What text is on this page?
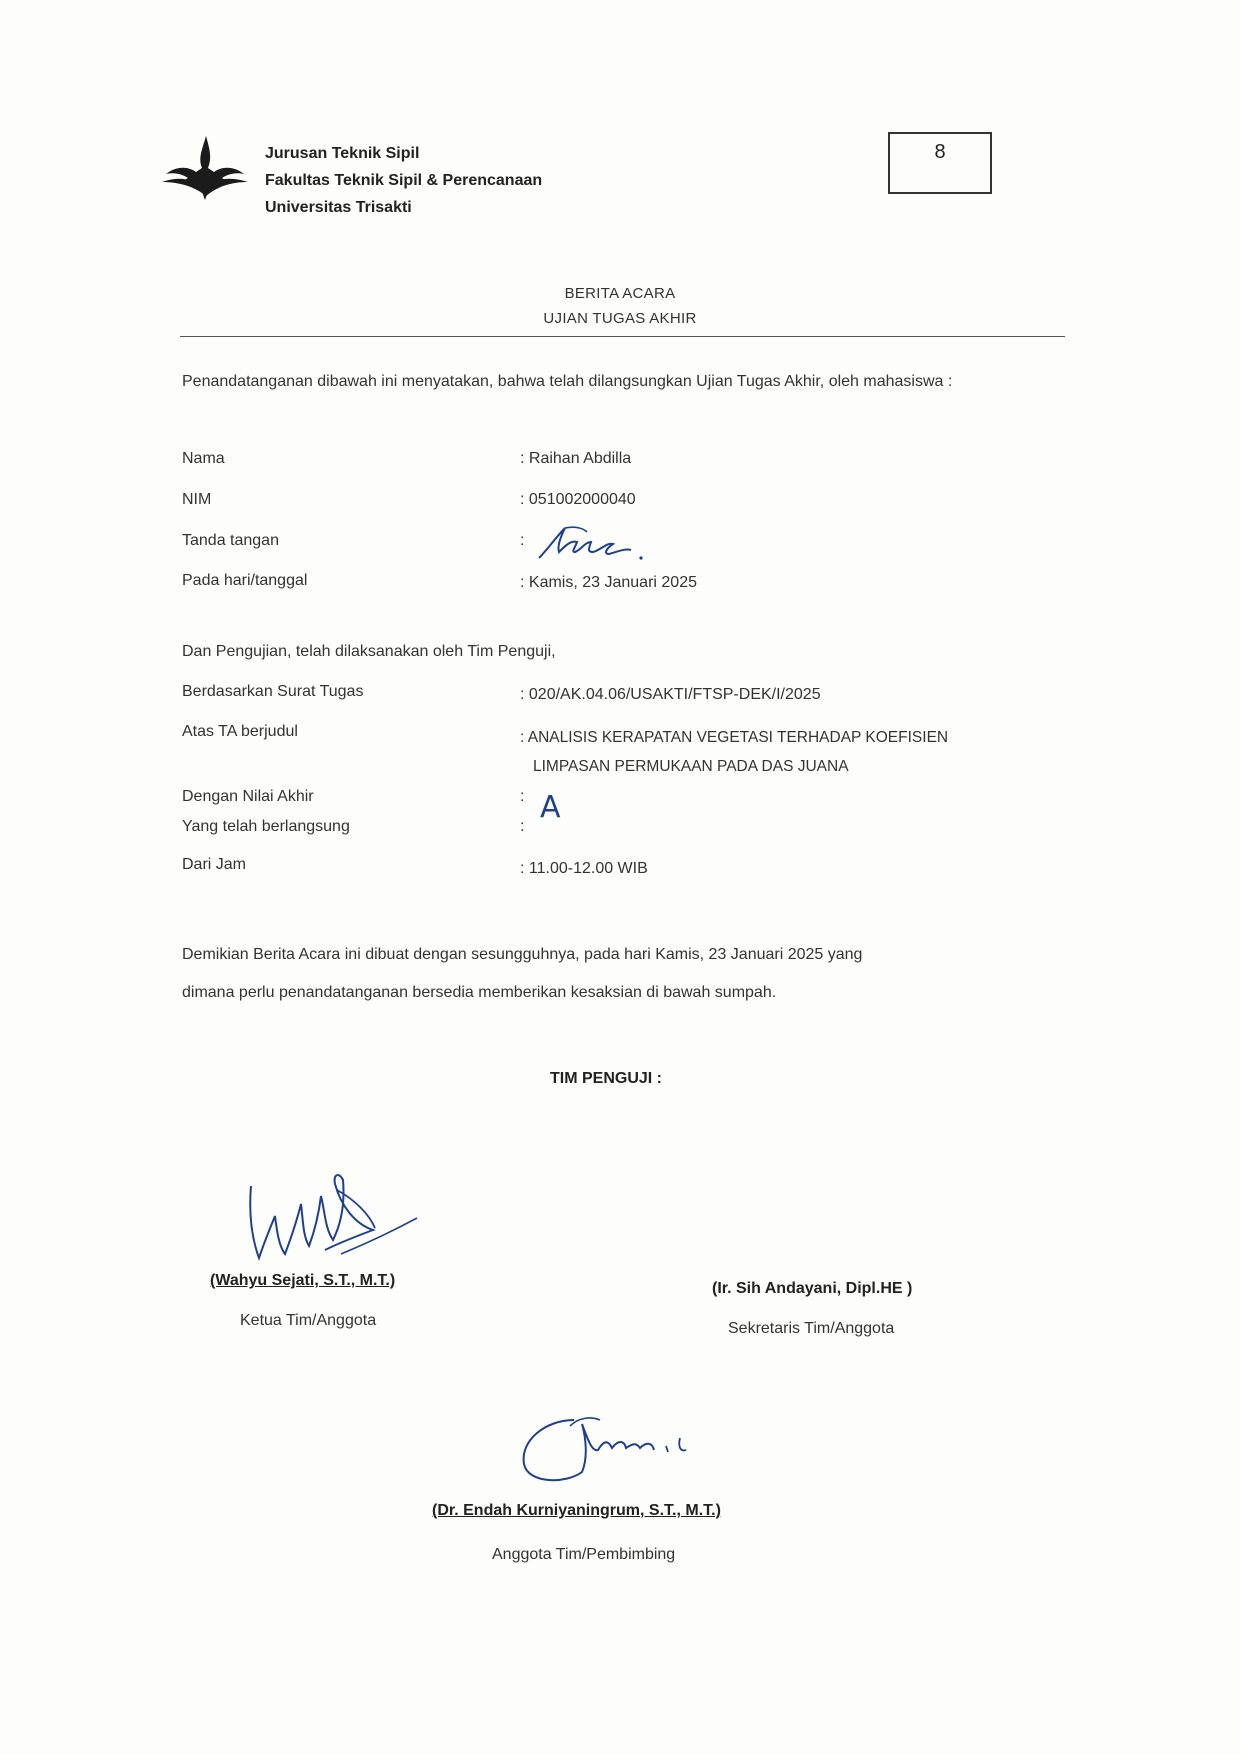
Jurusan Teknik Sipil
Fakultas Teknik Sipil & Perencanaan
Universitas Trisakti
8
BERITA ACARA
UJIAN TUGAS AKHIR
Penandatanganan dibawah ini menyatakan, bahwa telah dilangsungkan Ujian Tugas Akhir, oleh mahasiswa :
Nama	: Raihan Abdilla
NIM	: 051002000040
Tanda tangan	:
Pada hari/tanggal	: Kamis, 23 Januari 2025
Dan Pengujian, telah dilaksanakan oleh Tim Penguji,
Berdasarkan Surat Tugas	: 020/AK.04.06/USAKTI/FTSP-DEK/I/2025
Atas TA berjudul	: ANALISIS KERAPATAN VEGETASI TERHADAP KOEFISIEN
LIMPASAN PERMUKAAN PADA DAS JUANA
Dengan Nilai Akhir	: A
Yang telah berlangsung	:
Dari Jam	: 11.00-12.00 WIB
Demikian Berita Acara ini dibuat dengan sesungguhnya, pada hari Kamis, 23 Januari 2025 yang
dimana perlu penandatanganan bersedia memberikan kesaksian di bawah sumpah.
TIM PENGUJI :
(Wahyu Sejati, S.T., M.T.)
Ketua Tim/Anggota
(Ir. Sih Andayani, Dipl.HE )
Sekretaris Tim/Anggota
(Dr. Endah Kurniyaningrum, S.T., M.T.)
Anggota Tim/Pembimbing
